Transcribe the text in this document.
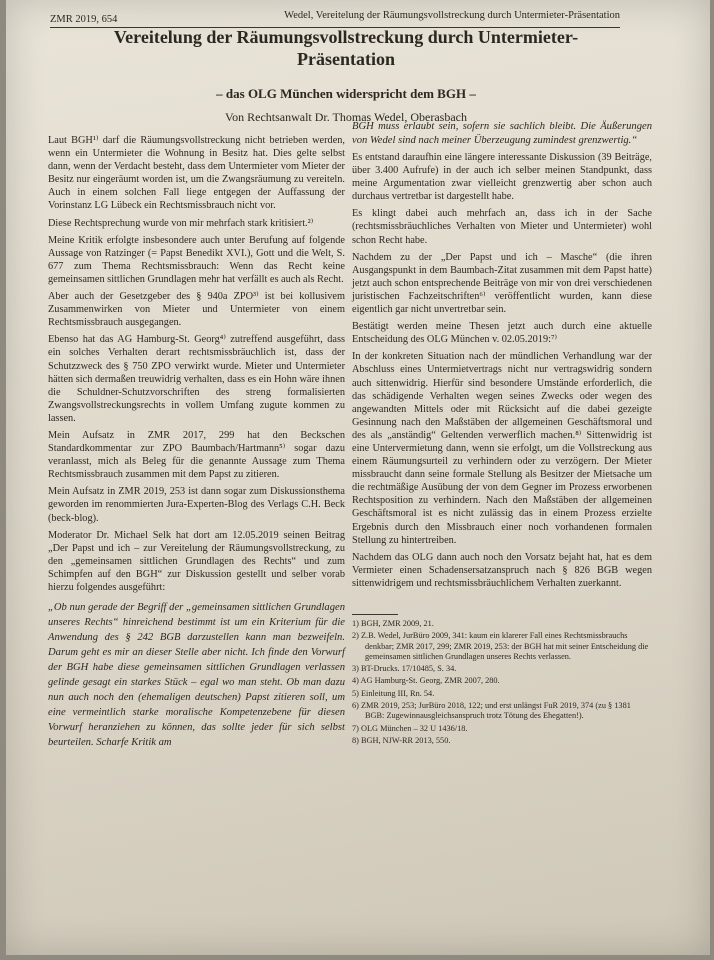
ZMR 2019, 654	Wedel, Vereitelung der Räumungsvollstreckung durch Untermieter-Präsentation
Vereitelung der Räumungsvollstreckung durch Untermieter-
Präsentation
– das OLG München widerspricht dem BGH –
Von Rechtsanwalt Dr. Thomas Wedel, Oberasbach

Laut BGH¹⁾ darf die Räumungsvollstreckung nicht betrieben werden, wenn ein Untermieter die Wohnung in Besitz hat. Dies gelte selbst dann, wenn der Verdacht besteht, dass dem Untermieter vom Mieter der Besitz nur eingeräumt worden ist, um die Zwangsräumung zu vereiteln. Auch in einem solchen Fall liege entgegen der Auffassung der Vorinstanz LG Lübeck ein Rechtsmissbrauch nicht vor.

Diese Rechtsprechung wurde von mir mehrfach stark kritisiert.²⁾

Meine Kritik erfolgte insbesondere auch unter Berufung auf folgende Aussage von Ratzinger (= Papst Benedikt XVI.), Gott und die Welt, S. 677 zum Thema Rechtsmissbrauch: Wenn das Recht keine gemeinsamen sittlichen Grundlagen mehr hat verfällt es auch als Recht.

Aber auch der Gesetzgeber des § 940a ZPO³⁾ ist bei kollusivem Zusammenwirken von Mieter und Untermieter von einem Rechtsmissbrauch ausgegangen.

Ebenso hat das AG Hamburg-St. Georg⁴⁾ zutreffend ausgeführt, dass ein solches Verhalten derart rechtsmissbräuchlich ist, dass der Schutzzweck des § 750 ZPO verwirkt wurde. Mieter und Untermieter hätten sich dermaßen treuwidrig verhalten, dass es ein Hohn wäre ihnen die Schuldner-Schutzvorschriften des streng formalisierten Zwangsvollstreckungsrechts in vollem Umfang zugute kommen zu lassen.

Mein Aufsatz in ZMR 2017, 299 hat den Beckschen Standardkommentar zur ZPO Baumbach/Hartmann⁵⁾ sogar dazu veranlasst, mich als Beleg für die genannte Aussage zum Thema Rechtsmissbrauch zusammen mit dem Papst zu zitieren.

Mein Aufsatz in ZMR 2019, 253 ist dann sogar zum Diskussionsthema geworden im renommierten Jura-Experten-Blog des Verlags C.H. Beck (beck-blog).

Moderator Dr. Michael Selk hat dort am 12.05.2019 seinen Beitrag „Der Papst und ich – zur Vereitelung der Räumungsvollstreckung, zu den „gemeinsamen sittlichen Grundlagen des Rechts“ und zum Schimpfen auf den BGH“ zur Diskussion gestellt und selber vorab hierzu folgendes ausgeführt:

„Ob nun gerade der Begriff der „gemeinsamen sittlichen Grundlagen unseres Rechts“ hinreichend bestimmt ist um ein Kriterium für die Anwendung des § 242 BGB darzustellen kann man bezweifeln. Darum geht es mir an dieser Stelle aber nicht. Ich finde den Vorwurf der BGH habe diese gemeinsamen sittlichen Grundlagen verlassen gelinde gesagt ein starkes Stück – egal wo man steht. Ob man dazu nun auch noch den (ehemaligen deutschen) Papst zitieren soll, um eine vermeintlich starke moralische Kompetenzebene für diesen Vorwurf heranziehen zu können, das sollte jeder für sich selbst beurteilen. Scharfe Kritik am

BGH muss erlaubt sein, sofern sie sachlich bleibt. Die Äußerungen von Wedel sind nach meiner Überzeugung zumindest grenzwertig.“

Es entstand daraufhin eine längere interessante Diskussion (39 Beiträge, über 3.400 Aufrufe) in der auch ich selber meinen Standpunkt, dass meine Argumentation zwar vielleicht grenzwertig aber schon auch durchaus vertretbar ist dargestellt habe.

Es klingt dabei auch mehrfach an, dass ich in der Sache (rechtsmissbräuchliches Verhalten von Mieter und Untermieter) wohl schon Recht habe.

Nachdem zu der „Der Papst und ich – Masche“ (die ihren Ausgangspunkt in dem Baumbach-Zitat zusammen mit dem Papst hatte) jetzt auch schon entsprechende Beiträge von mir von drei verschiedenen juristischen Fachzeitschriften⁶⁾ veröffentlicht wurden, kann diese eigentlich gar nicht unvertretbar sein.

Bestätigt werden meine Thesen jetzt auch durch eine aktuelle Entscheidung des OLG München v. 02.05.2019:⁷⁾

In der konkreten Situation nach der mündlichen Verhandlung war der Abschluss eines Untermietvertrags nicht nur vertragswidrig sondern auch sittenwidrig. Hierfür sind besondere Umstände erforderlich, die das schädigende Verhalten wegen seines Zwecks oder wegen des angewandten Mittels oder mit Rücksicht auf die dabei gezeigte Gesinnung nach den Maßstäben der allgemeinen Geschäftsmoral und des als „anständig“ Geltenden verwerflich machen.⁸⁾ Sittenwidrig ist eine Untervermietung dann, wenn sie erfolgt, um die Vollstreckung aus einem Räumungsurteil zu verhindern oder zu verzögern. Der Mieter missbraucht dann seine formale Stellung als Besitzer der Mietsache um die rechtmäßige Ausübung der von dem Gegner im Prozess erworbenen Rechtsposition zu verhindern. Nach den Maßstäben der allgemeinen Geschäftsmoral ist es nicht zulässig das in einem Prozess erzielte Ergebnis durch den Missbrauch einer noch vorhandenen formalen Stellung zu hintertreiben.

Nachdem das OLG dann auch noch den Vorsatz bejaht hat, hat es dem Vermieter einen Schadensersatzanspruch nach § 826 BGB wegen sittenwidrigem und rechtsmissbräuchlichem Verhalten zuerkannt.

1) BGH, ZMR 2009, 21.
2) Z.B. Wedel, JurBüro 2009, 341: kaum ein klarerer Fall eines Rechtsmissbrauchs denkbar; ZMR 2017, 299; ZMR 2019, 253: der BGH hat mit seiner Entscheidung die gemeinsamen sittlichen Grundlagen unseres Rechts verlassen.
3) BT-Drucks. 17/10485, S. 34.
4) AG Hamburg-St. Georg, ZMR 2007, 280.
5) Einleitung III, Rn. 54.
6) ZMR 2019, 253; JurBüro 2018, 122; und erst unlängst FuR 2019, 374 (zu § 1381 BGB: Zugewinnausgleichsanspruch trotz Tötung des Ehegatten!).
7) OLG München – 32 U 1436/18.
8) BGH, NJW-RR 2013, 550.
